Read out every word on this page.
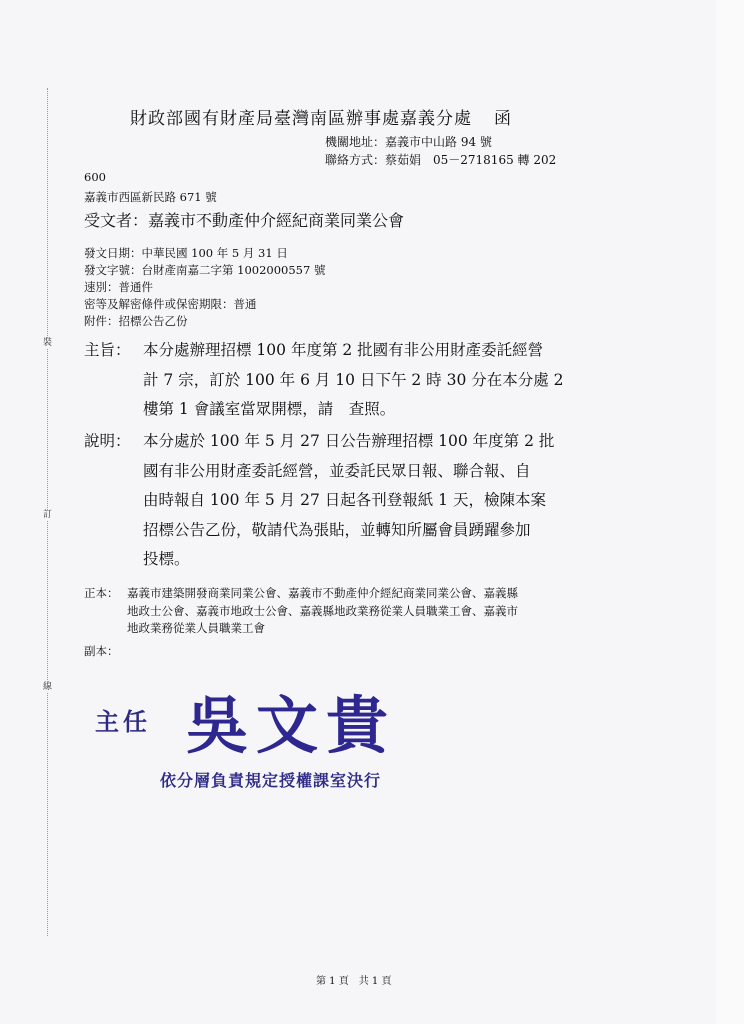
裝
訂
線
財政部國有財產局臺灣南區辦事處嘉義分處 函
機關地址：嘉義市中山路 94 號
聯絡方式：蔡茹娟　05－2718165 轉 202
600
嘉義市西區新民路 671 號
受文者：嘉義市不動產仲介經紀商業同業公會
發文日期：中華民國 100 年 5 月 31 日
發文字號：台財產南嘉二字第 1002000557 號
速別：普通件
密等及解密條件或保密期限：普通
附件：招標公告乙份
主旨： 本分處辦理招標 100 年度第 2 批國有非公用財產委託經營
計 7 宗，訂於 100 年 6 月 10 日下午 2 時 30 分在本分處 2
樓第 1 會議室當眾開標，請　查照。
說明： 本分處於 100 年 5 月 27 日公告辦理招標 100 年度第 2 批
國有非公用財產委託經營，並委託民眾日報、聯合報、自
由時報自 100 年 5 月 27 日起各刊登報紙 1 天，檢陳本案
招標公告乙份，敬請代為張貼，並轉知所屬會員踴躍參加
投標。
正本： 嘉義市建築開發商業同業公會、嘉義市不動產仲介經紀商業同業公會、嘉義縣
地政士公會、嘉義市地政士公會、嘉義縣地政業務從業人員職業工會、嘉義市
地政業務從業人員職業工會
副本：
主任 吳文貴
依分層負責規定授權課室決行
第 1 頁　共 1 頁
